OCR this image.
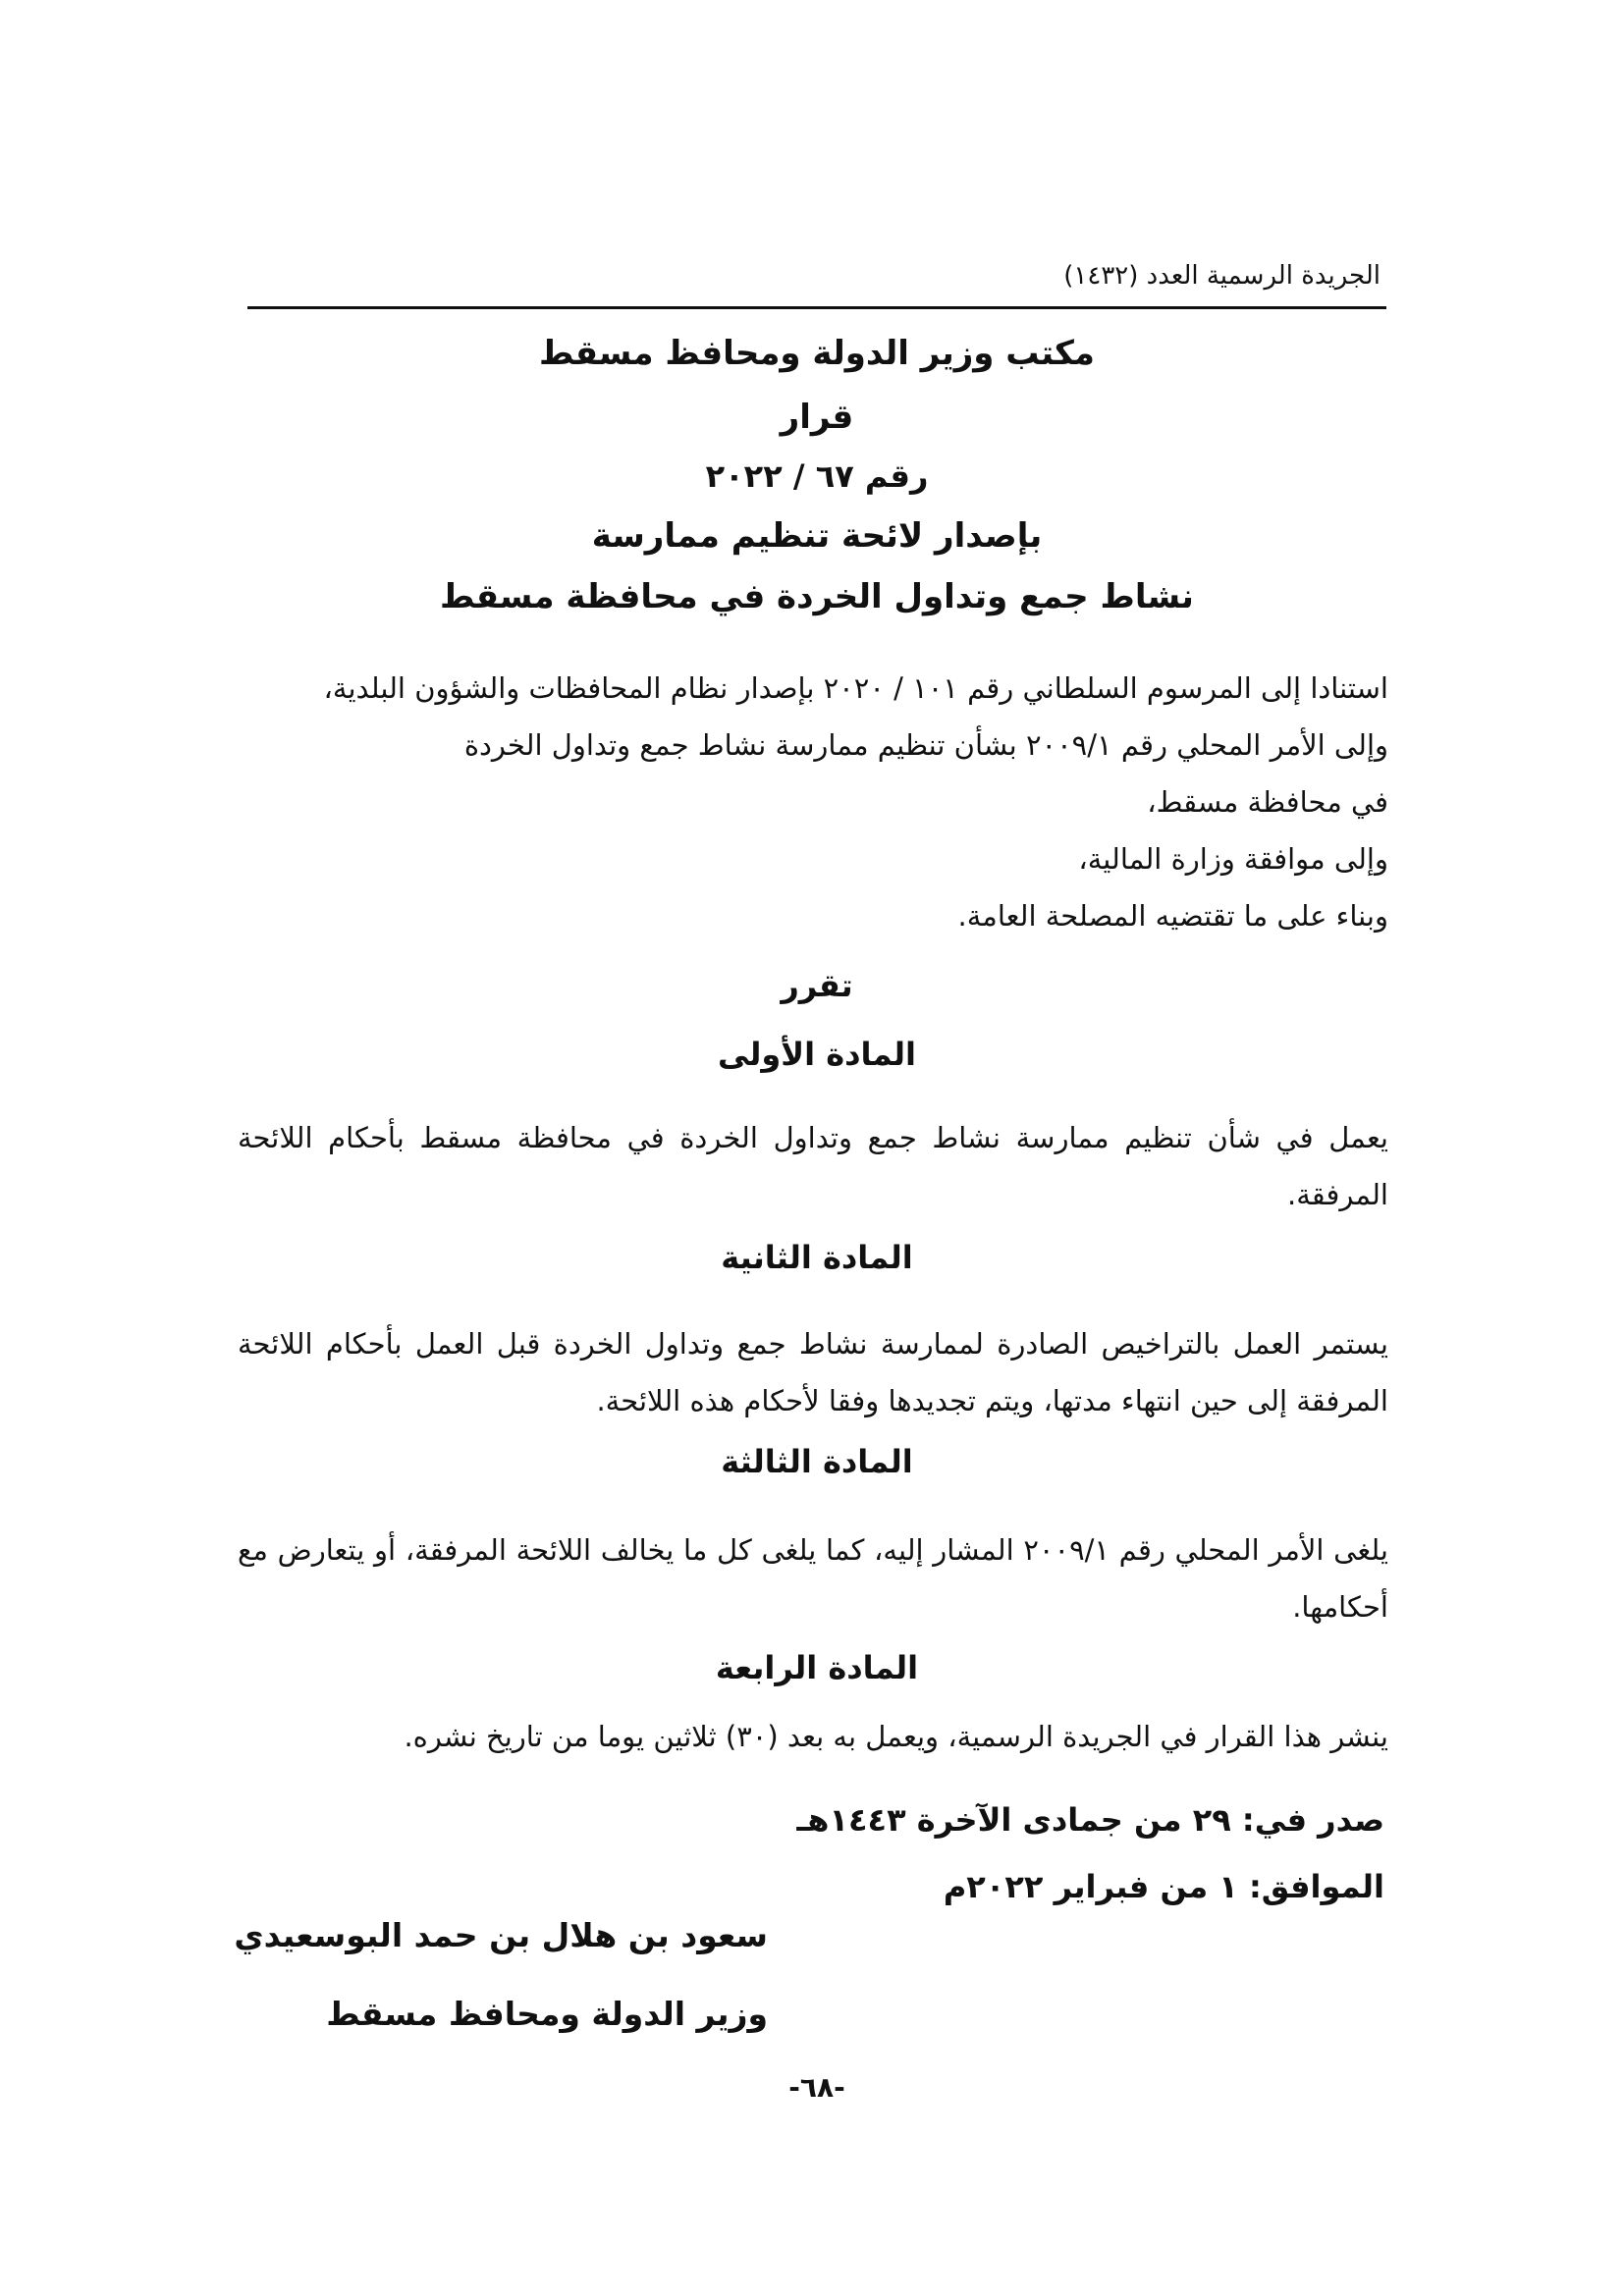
الجريدة الرسمية العدد (١٤٣٢)
مكتب وزير الدولة ومحافظ مسقط
قرار
رقم ٦٧ / ٢٠٢٢
بإصدار لائحة تنظيم ممارسة
نشاط جمع وتداول الخردة في محافظة مسقط
استنادا إلى المرسوم السلطاني رقم ١٠١ / ٢٠٢٠ بإصدار نظام المحافظات والشؤون البلدية،
وإلى الأمر المحلي رقم ٢٠٠٩/١ بشأن تنظيم ممارسة نشاط جمع وتداول الخردة
في محافظة مسقط،
وإلى موافقة وزارة المالية،
وبناء على ما تقتضيه المصلحة العامة.
تقرر
المادة الأولى
يعمل في شأن تنظيم ممارسة نشاط جمع وتداول الخردة في محافظة مسقط بأحكام اللائحة المرفقة.
المادة الثانية
يستمر العمل بالتراخيص الصادرة لممارسة نشاط جمع وتداول الخردة قبل العمل بأحكام اللائحة المرفقة إلى حين انتهاء مدتها، ويتم تجديدها وفقا لأحكام هذه اللائحة.
المادة الثالثة
يلغى الأمر المحلي رقم ٢٠٠٩/١ المشار إليه، كما يلغى كل ما يخالف اللائحة المرفقة، أو يتعارض مع أحكامها.
المادة الرابعة
ينشر هذا القرار في الجريدة الرسمية، ويعمل به بعد (٣٠) ثلاثين يوما من تاريخ نشره.
صدر في: ٢٩ من جمادى الآخرة ١٤٤٣هـ
الموافق: ١ من فبراير ٢٠٢٢م
سعود بن هلال بن حمد البوسعيدي
وزير الدولة ومحافظ مسقط
-٦٨-
